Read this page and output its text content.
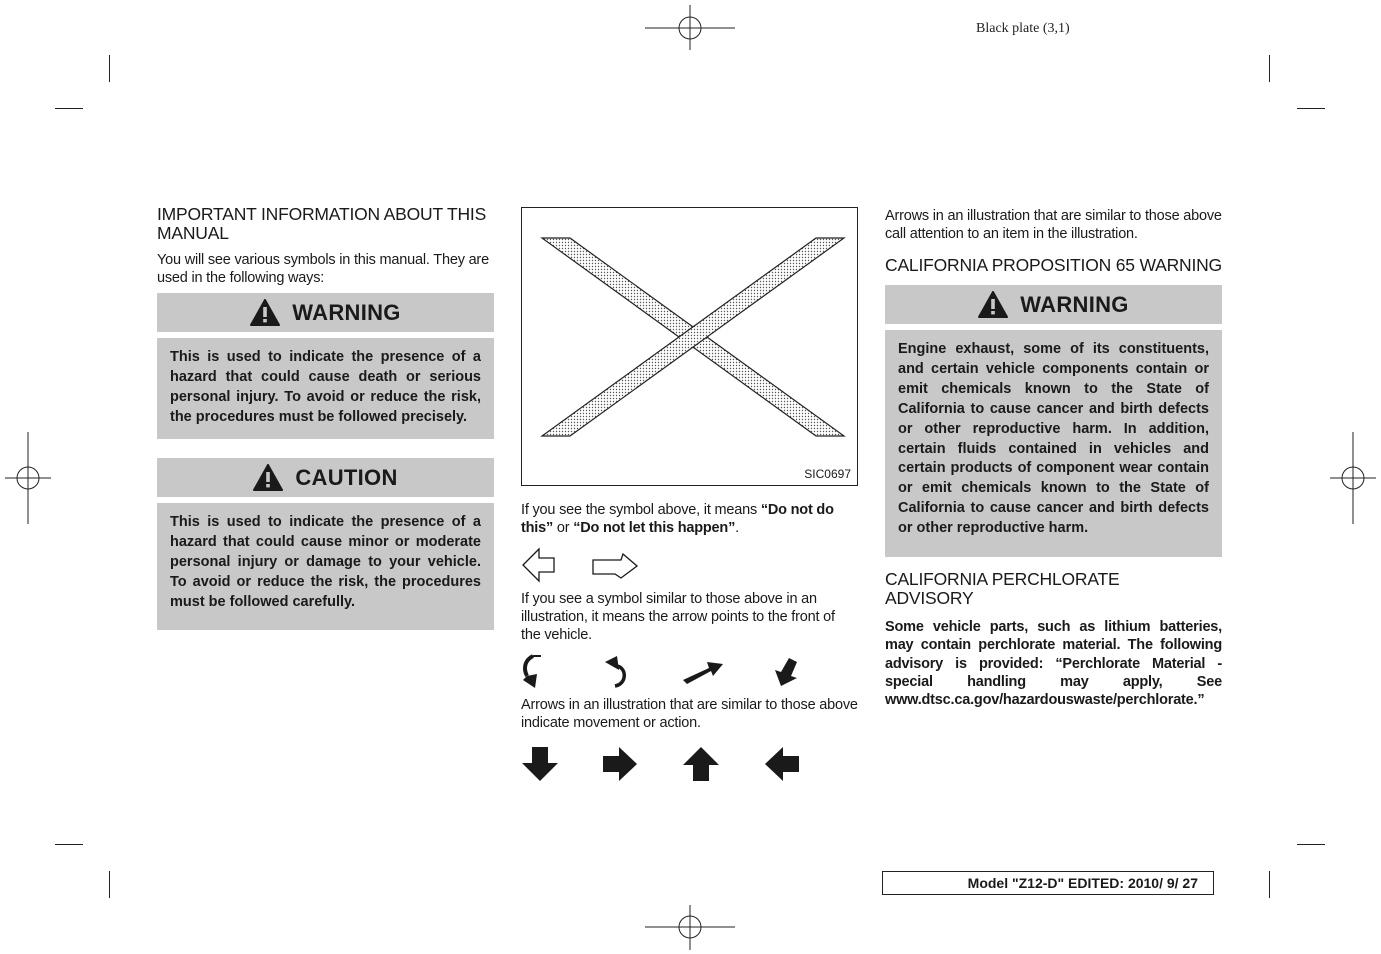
Black plate (3,1)
IMPORTANT INFORMATION ABOUT THIS MANUAL

You will see various symbols in this manual. They are used in the following ways:

WARNING
This is used to indicate the presence of a hazard that could cause death or serious personal injury. To avoid or reduce the risk, the procedures must be followed precisely.
CAUTION
This is used to indicate the presence of a hazard that could cause minor or moderate personal injury or damage to your vehicle. To avoid or reduce the risk, the procedures must be followed carefully.
SIC0697

If you see the symbol above, it means “Do not do this” or “Do not let this happen”.

If you see a symbol similar to those above in an illustration, it means the arrow points to the front of the vehicle.

Arrows in an illustration that are similar to those above indicate movement or action.

Arrows in an illustration that are similar to those above call attention to an item in the illustration.

CALIFORNIA PROPOSITION 65 WARNING
WARNING
Engine exhaust, some of its constituents, and certain vehicle components contain or emit chemicals known to the State of California to cause cancer and birth defects or other reproductive harm. In addition, certain fluids contained in vehicles and certain products of component wear contain or emit chemicals known to the State of California to cause cancer and birth defects or other reproductive harm.
CALIFORNIA PERCHLORATE ADVISORY

Some vehicle parts, such as lithium batteries, may contain perchlorate material. The following advisory is provided: “Perchlorate Material - special handling may apply, See www.dtsc.ca.gov/hazardouswaste/perchlorate.”

Model "Z12-D" EDITED: 2010/ 9/ 27
